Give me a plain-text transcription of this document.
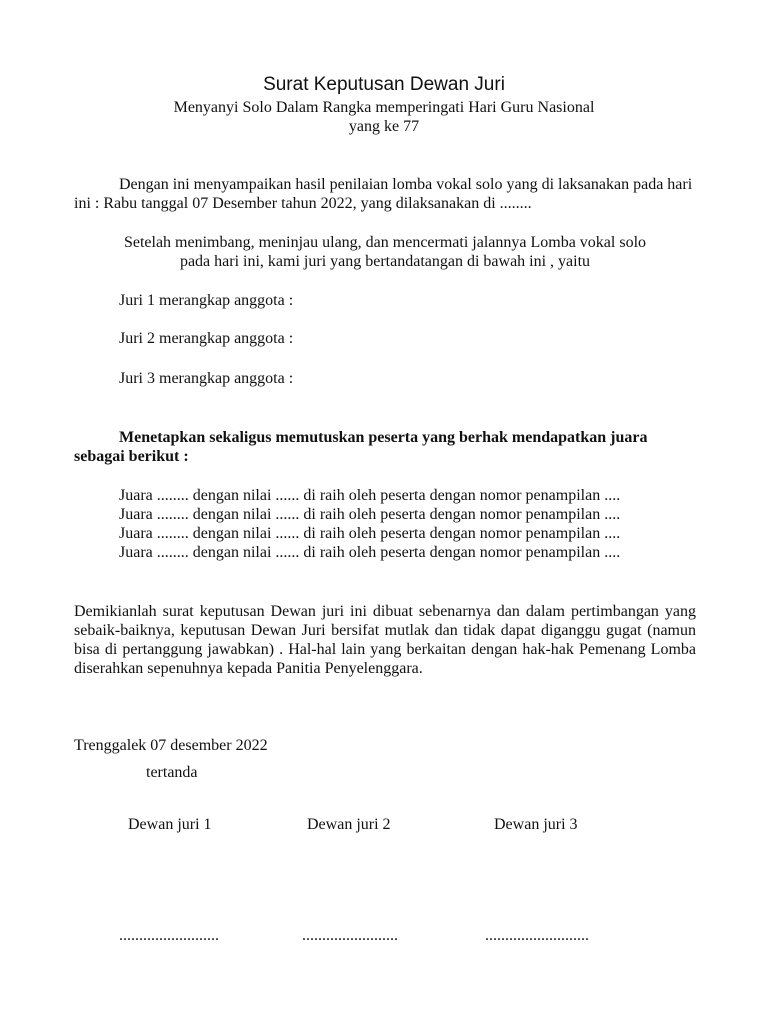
Surat Keputusan Dewan Juri
Menyanyi Solo Dalam Rangka memperingati Hari Guru Nasional
yang ke 77
Dengan ini menyampaikan hasil penilaian lomba vokal solo yang di laksanakan pada hari ini : Rabu tanggal 07 Desember tahun 2022, yang dilaksanakan di ........
Setelah menimbang, meninjau ulang, dan mencermati jalannya Lomba vokal solo
pada hari ini, kami juri yang bertandatangan di bawah ini , yaitu
Juri 1 merangkap anggota :
Juri 2 merangkap anggota :
Juri 3 merangkap anggota :
Menetapkan sekaligus memutuskan peserta yang berhak mendapatkan juara sebagai berikut :
Juara ........ dengan nilai ...... di raih oleh peserta dengan nomor penampilan ....
Juara ........ dengan nilai ...... di raih oleh peserta dengan nomor penampilan ....
Juara ........ dengan nilai ...... di raih oleh peserta dengan nomor penampilan ....
Juara ........ dengan nilai ...... di raih oleh peserta dengan nomor penampilan ....
Demikianlah surat keputusan Dewan juri ini dibuat sebenarnya dan dalam pertimbangan yang sebaik-baiknya, keputusan Dewan Juri bersifat mutlak dan tidak dapat diganggu gugat (namun bisa di pertanggung jawabkan) . Hal-hal lain yang berkaitan dengan hak-hak Pemenang Lomba diserahkan sepenuhnya kepada Panitia Penyelenggara.
Trenggalek 07 desember 2022
tertanda
Dewan juri 1	Dewan juri 2	Dewan juri 3
.........................	........................	..........................
